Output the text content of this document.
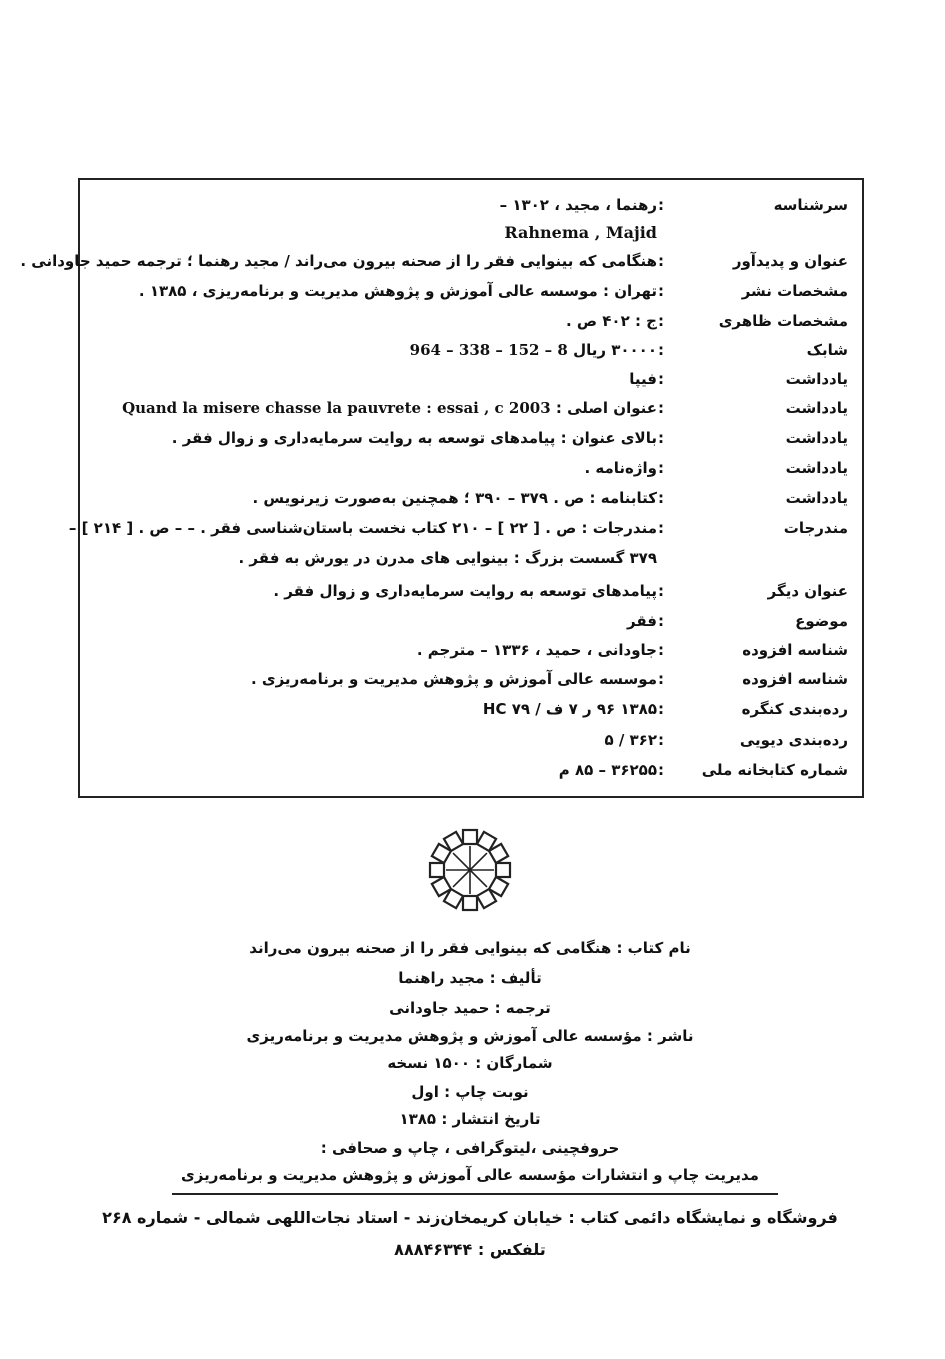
سرشناسه
:
رهنما ، مجید ، ۱۳۰۲ –
Rahnema , Majid
عنوان و پدیدآور
:
هنگامی که بینوایی فقر را از صحنه بیرون می‌راند / مجید رهنما ؛ ترجمه حمید جاودانی .
مشخصات نشر
:
تهران : موسسه عالی آموزش و پژوهش مدیریت و برنامه‌ریزی ، ۱۳۸۵ .
مشخصات ظاهری
:
ج : ۴۰۲ ص .
شابک
:
۳۰۰۰۰ ریال 964 – 338 – 152 – 8
یادداشت
:
فیپا
یادداشت
:
عنوان اصلی : Quand la misere chasse la pauvrete : essai , c 2003
یادداشت
:
بالای عنوان : پیامدهای توسعه به روایت سرمایه‌داری و زوال فقر .
یادداشت
:
واژه‌نامه .
یادداشت
:
کتابنامه : ص . ۳۷۹ – ۳۹۰ ؛ همچنین به‌صورت زیرنویس .
مندرجات
:
مندرجات : ص . [ ۲۲ ] – ۲۱۰ کتاب نخست باستان‌شناسی فقر . – – ص . [ ۲۱۴ ] –
۳۷۹ گسست بزرگ : بینوایی های مدرن در یورش به فقر .
عنوان دیگر
:
پیامدهای توسعه به روایت سرمایه‌داری و زوال فقر .
موضوع
:
فقر
شناسه افزوده
:
جاودانی ، حمید ، ۱۳۳۶ – مترجم .
شناسه افزوده
:
موسسه عالی آموزش و پژوهش مدیریت و برنامه‌ریزی .
رده‌بندی کنگره
:
۱۳۸۵ ۹۶ ر ۷ ف / ۷۹ HC
رده‌بندی دیویی
:
۳۶۲ / ۵
شماره کتابخانه ملی
:
۳۶۲۵۵ – ۸۵ م
نام کتاب : هنگامی که بینوایی فقر را از صحنه بیرون می‌راند
تألیف : مجید راهنما
ترجمه : حمید جاودانی
ناشر : مؤسسه عالی آموزش و پژوهش مدیریت و برنامه‌ریزی
شمارگان : ۱۵۰۰ نسخه
نوبت چاپ : اول
تاریخ انتشار : ۱۳۸۵
حروفچینی ،لیتوگرافی ، چاپ و صحافی :
مدیریت چاپ و انتشارات مؤسسه عالی آموزش و پژوهش مدیریت و برنامه‌ریزی
فروشگاه و نمایشگاه دائمی کتاب : خیابان کریمخان‌زند - استاد نجات‌اللهی شمالی - شماره ۲۶۸
تلفکس : ۸۸۸۴۶۳۴۴
